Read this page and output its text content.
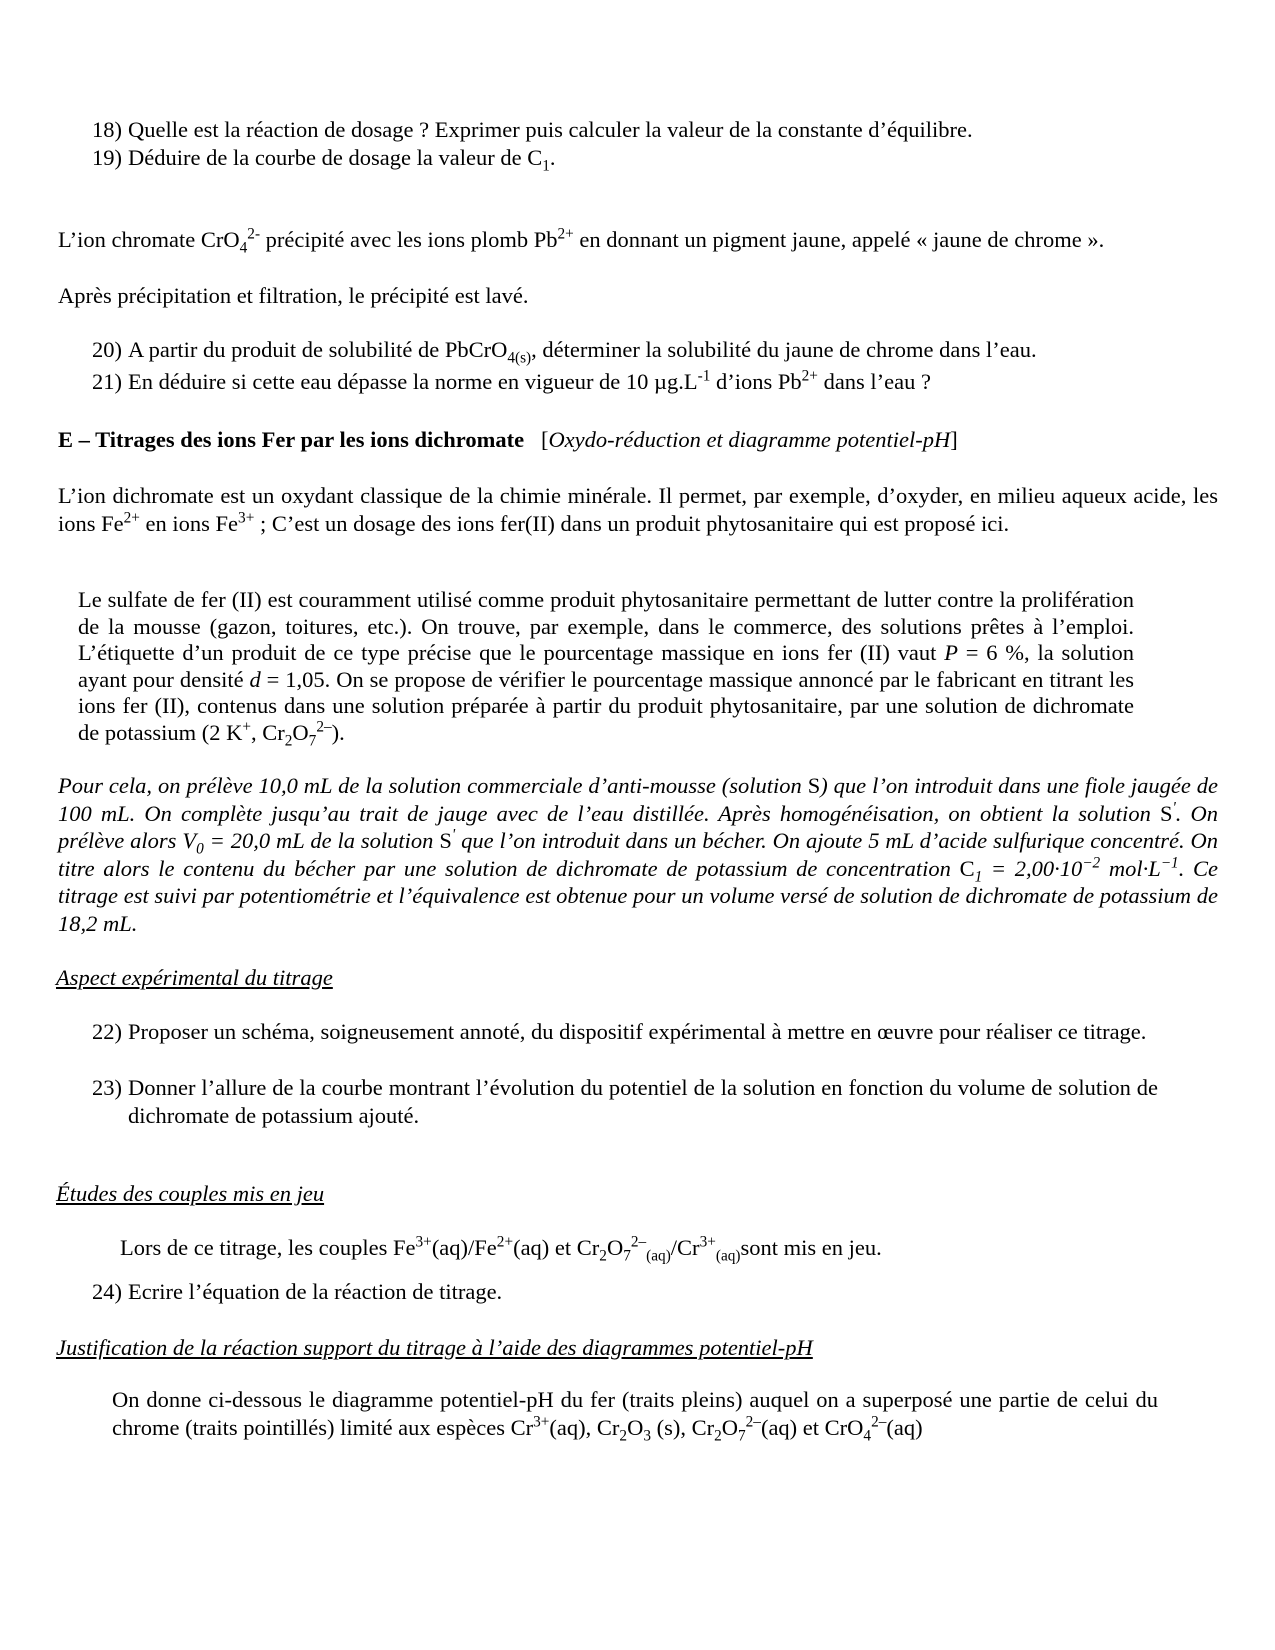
18) Quelle est la réaction de dosage ? Exprimer puis calculer la valeur de la constante d’équilibre.
19) Déduire de la courbe de dosage la valeur de $C_1$.
L’ion chromate CrO$_4^{2-}$ précipité avec les ions plomb $Pb^{2+}$ en donnant un pigment jaune, appelé « jaune de chrome ».
Après précipitation et filtration, le précipité est lavé.
20) A partir du produit de solubilité de PbCrO$_{4(s)}$, déterminer la solubilité du jaune de chrome dans l’eau.
21) En déduire si cette eau dépasse la norme en vigueur de 10 $\mu g.L^{-1}$ d’ions $Pb^{2+}$ dans l’eau ?
E – Titrages des ions Fer par les ions dichromate [Oxydo-réduction et diagramme potentiel-pH]
L’ion dichromate est un oxydant classique de la chimie minérale. Il permet, par exemple, d’oxyder, en milieu aqueux acide, les ions $Fe^{2+}$ en ions $Fe^{3+}$ ; C’est un dosage des ions fer(II) dans un produit phytosanitaire qui est proposé ici.
Le sulfate de fer (II) est couramment utilisé comme produit phytosanitaire permettant de lutter contre la prolifération de la mousse (gazon, toitures, etc.). On trouve, par exemple, dans le commerce, des solutions prêtes à l’emploi. L’étiquette d’un produit de ce type précise que le pourcentage massique en ions fer (II) vaut P = 6 %, la solution ayant pour densité d = 1,05. On se propose de vérifier le pourcentage massique annoncé par le fabricant en titrant les ions fer (II), contenus dans une solution préparée à partir du produit phytosanitaire, par une solution de dichromate de potassium (2 K+, $Cr_2O_7^{2-}$).
Pour cela, on prélève 10,0 mL de la solution commerciale d’anti-mousse (solution S) que l’on introduit dans une fiole jaugée de 100 mL. On complète jusqu’au trait de jauge avec de l’eau distillée. Après homogénéisation, on obtient la solution S'. On prélève alors $V_0 = 20,0$ mL de la solution S' que l’on introduit dans un bécher. On ajoute 5 mL d’acide sulfurique concentré. On titre alors le contenu du bécher par une solution de dichromate de potassium de concentration $C_1 = 2,00\cdot 10^{-2}$ $mol\cdot L^{-1}$. Ce titrage est suivi par potentiométrie et l’équivalence est obtenue pour un volume versé de solution de dichromate de potassium de 18,2 mL.
Aspect expérimental du titrage
22) Proposer un schéma, soigneusement annoté, du dispositif expérimental à mettre en œuvre pour réaliser ce titrage.
23) Donner l’allure de la courbe montrant l’évolution du potentiel de la solution en fonction du volume de solution de dichromate de potassium ajouté.
Études des couples mis en jeu
Lors de ce titrage, les couples $Fe^{3+}(aq)/Fe^{2+}(aq)$ et $Cr_2O_7^{2-}_{(aq)}/Cr^{3+}_{(aq)}sont$ mis en jeu.
24) Ecrire l’équation de la réaction de titrage.
Justification de la réaction support du titrage à l’aide des diagrammes potentiel-pH
On donne ci-dessous le diagramme potentiel-pH du fer (traits pleins) auquel on a superposé une partie de celui du chrome (traits pointillés) limité aux espèces $Cr^{3+}(aq)$, $Cr_2O_3$ (s), $Cr_2O_7^{2-}(aq)$ et CrO$_4^{2-}$(aq)
